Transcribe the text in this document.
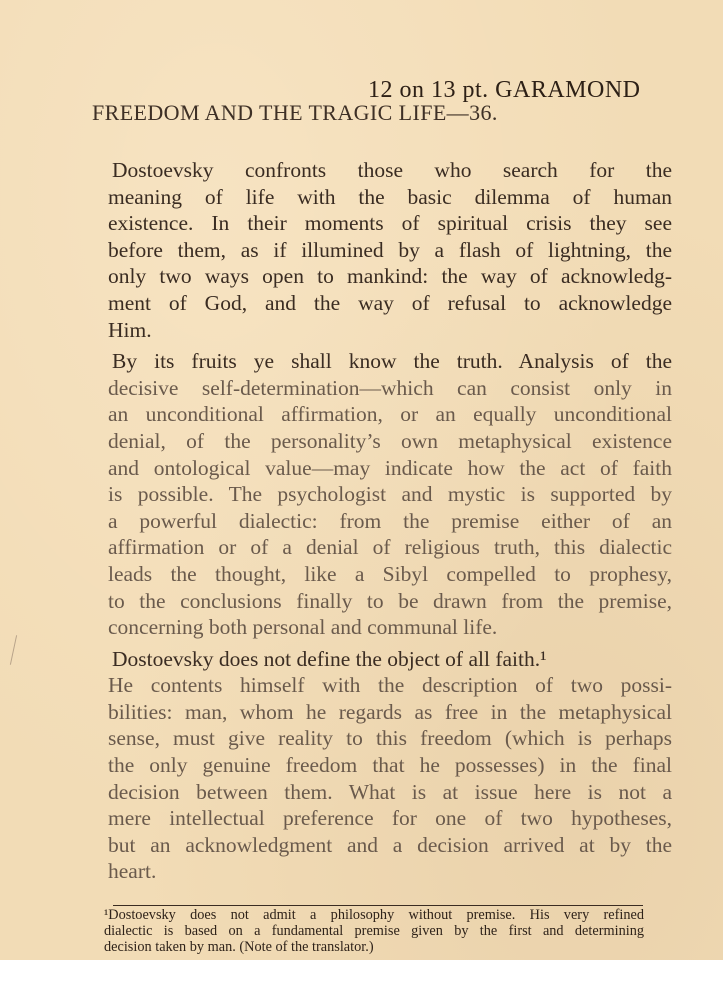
12 on 13 pt. GARAMOND
FREEDOM AND THE TRAGIC LIFE—36.
Dostoevsky confronts those who search for the
meaning of life with the basic dilemma of human
existence. In their moments of spiritual crisis they see
before them, as if illumined by a flash of lightning, the
only two ways open to mankind: the way of acknowledg-
ment of God, and the way of refusal to acknowledge
Him.
By its fruits ye shall know the truth. Analysis of the
decisive self-determination—which can consist only in
an unconditional affirmation, or an equally unconditional
denial, of the personality’s own metaphysical existence
and ontological value—may indicate how the act of faith
is possible. The psychologist and mystic is supported by
a powerful dialectic: from the premise either of an
affirmation or of a denial of religious truth, this dialectic
leads the thought, like a Sibyl compelled to prophesy,
to the conclusions finally to be drawn from the premise,
concerning both personal and communal life.
Dostoevsky does not define the object of all faith.¹
He contents himself with the description of two possi-
bilities: man, whom he regards as free in the metaphysical
sense, must give reality to this freedom (which is perhaps
the only genuine freedom that he possesses) in the final
decision between them. What is at issue here is not a
mere intellectual preference for one of two hypotheses,
but an acknowledgment and a decision arrived at by the
heart.
¹Dostoevsky does not admit a philosophy without premise. His very refined
dialectic is based on a fundamental premise given by the first and determining
decision taken by man. (Note of the translator.)
